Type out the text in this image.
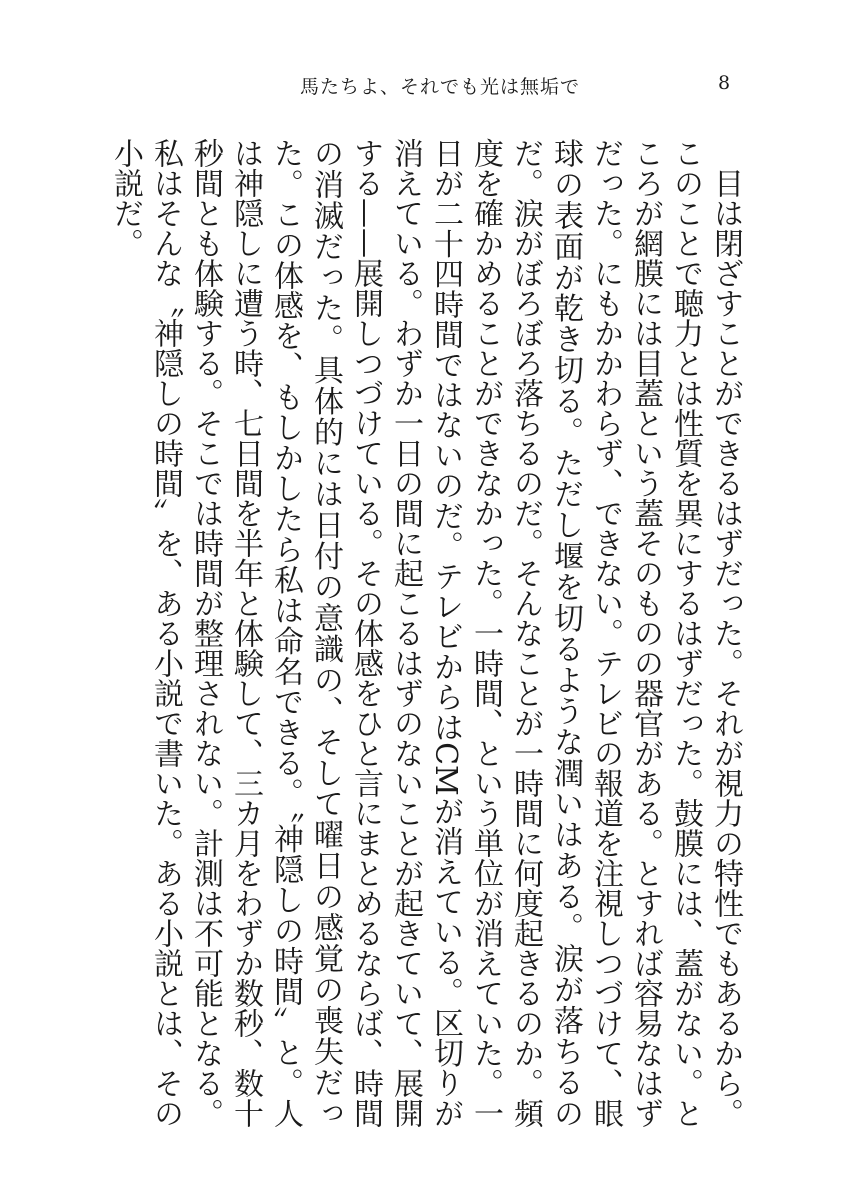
馬たちよ、それでも光は無垢で	8

目は閉ざすことができるはずだった。それが視力の特性でもあるから。このことで聴力とは性質を異にするはずだった。鼓膜には、蓋がない。ところが網膜には目蓋という蓋そのものの器官がある。とすれば容易なはずだった。にもかかわらず、できない。テレビの報道を注視しつづけて、眼球の表面が乾き切る。ただし堰を切るような潤いはある。涙が落ちるのだ。涙がぼろぼろ落ちるのだ。そんなことが一時間に何度起きるのか。頻度を確かめることができなかった。一時間、という単位が消えていた。一日が二十四時間ではないのだ。テレビからはCMが消えている。区切りが消えている。わずか一日の間に起こるはずのないことが起きていて、展開する——展開しつづけている。その体感をひと言にまとめるならば、時間の消滅だった。具体的には日付の意識の、そして曜日の感覚の喪失だった。この体感を、もしかしたら私は命名できる。〝神隠しの時間〟と。人は神隠しに遭う時、七日間を半年と体験して、三カ月をわずか数秒、数十秒間とも体験する。そこでは時間が整理されない。計測は不可能となる。私はそんな〝神隠しの時間〟を、ある小説で書いた。ある小説とは、その小説だ。
